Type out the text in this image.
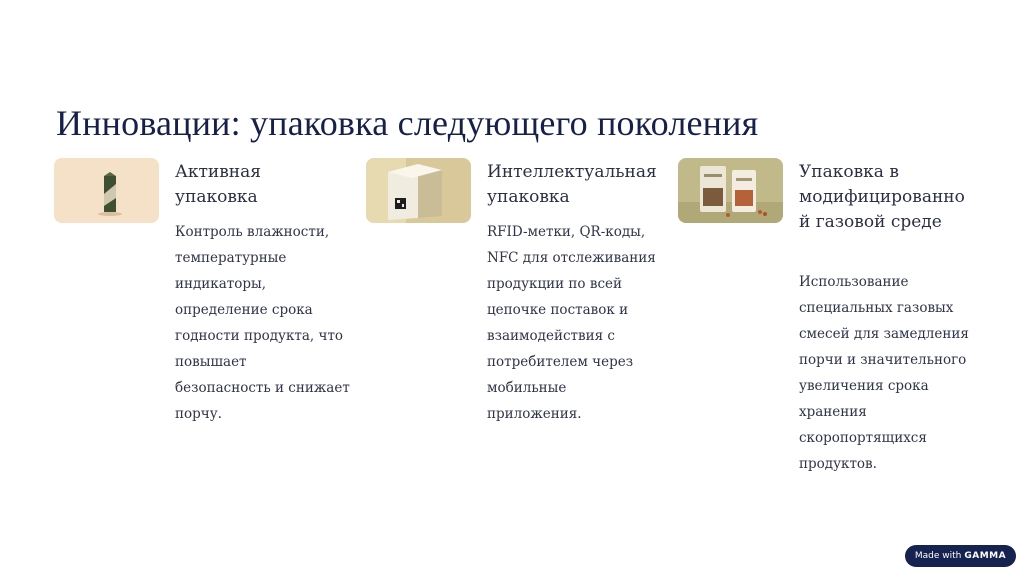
Инновации: упаковка следующего поколения
Активная
упаковка
Контроль влажности,
температурные
индикаторы,
определение срока
годности продукта, что
повышает
безопасность и снижает
порчу.
Интеллектуальная
упаковка
RFID-метки, QR-коды,
NFC для отслеживания
продукции по всей
цепочке поставок и
взаимодействия с
потребителем через
мобильные
приложения.
Упаковка в
модифицированно
й газовой среде
Использование
специальных газовых
смесей для замедления
порчи и значительного
увеличения срока
хранения
скоропортящихся
продуктов.
Made with GAMMA
